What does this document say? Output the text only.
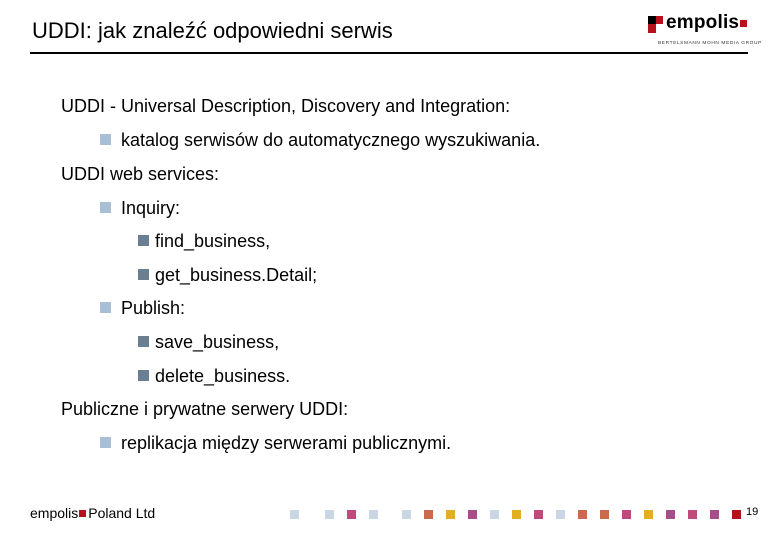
UDDI: jak znaleźć odpowiedni serwis	empolis
BERTELSMANN MOHN MEDIA GROUP
UDDI - Universal Description, Discovery and Integration:
katalog serwisów do automatycznego wyszukiwania.
UDDI web services:
Inquiry:
find_business,
get_business.Detail;
Publish:
save_business,
delete_business.
Publiczne i prywatne serwery UDDI:
replikacja między serwerami publicznymi.
empolis Poland Ltd	19
